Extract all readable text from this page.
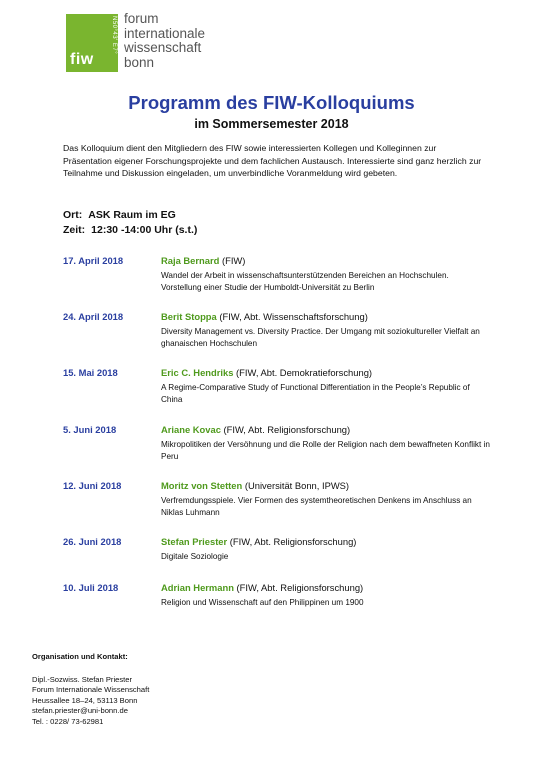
fiw
N50°43' E7° forum
internationale
wissenschaft
bonn
Programm des FIW-Kolloquiums
im Sommersemester 2018
Das Kolloquium dient den Mitgliedern des FIW sowie interessierten Kollegen und Kolleginnen zur Präsentation eigener Forschungsprojekte und dem fachlichen Austausch. Interessierte sind ganz herzlich zur Teilnahme und Diskussion eingeladen, um unverbindliche Voranmeldung wird gebeten.
Ort: ASK Raum im EG
Zeit: 12:30 -14:00 Uhr (s.t.)
17. April 2018	Raja Bernard (FIW)
Wandel der Arbeit in wissenschaftsunterstützenden Bereichen an Hochschulen. Vorstellung einer Studie der Humboldt-Universität zu Berlin
24. April 2018	Berit Stoppa (FIW, Abt. Wissenschaftsforschung)
Diversity Management vs. Diversity Practice. Der Umgang mit soziokultureller Vielfalt an ghanaischen Hochschulen
15. Mai 2018	Eric C. Hendriks (FIW, Abt. Demokratieforschung)
A Regime-Comparative Study of Functional Differentiation in the People’s Republic of China
5. Juni 2018	Ariane Kovac (FIW, Abt. Religionsforschung)
Mikropolitiken der Versöhnung und die Rolle der Religion nach dem bewaffneten Konflikt in Peru
12. Juni 2018	Moritz von Stetten (Universität Bonn, IPWS)
Verfremdungsspiele. Vier Formen des systemtheoretischen Denkens im Anschluss an Niklas Luhmann
26. Juni 2018	Stefan Priester (FIW, Abt. Religionsforschung)
Digitale Soziologie
10. Juli 2018	Adrian Hermann (FIW, Abt. Religionsforschung)
Religion und Wissenschaft auf den Philippinen um 1900
Organisation und Kontakt:
Dipl.-Sozwiss. Stefan Priester
Forum Internationale Wissenschaft
Heussallee 18–24, 53113 Bonn
stefan.priester@uni-bonn.de
Tel. : 0228/ 73-62981
